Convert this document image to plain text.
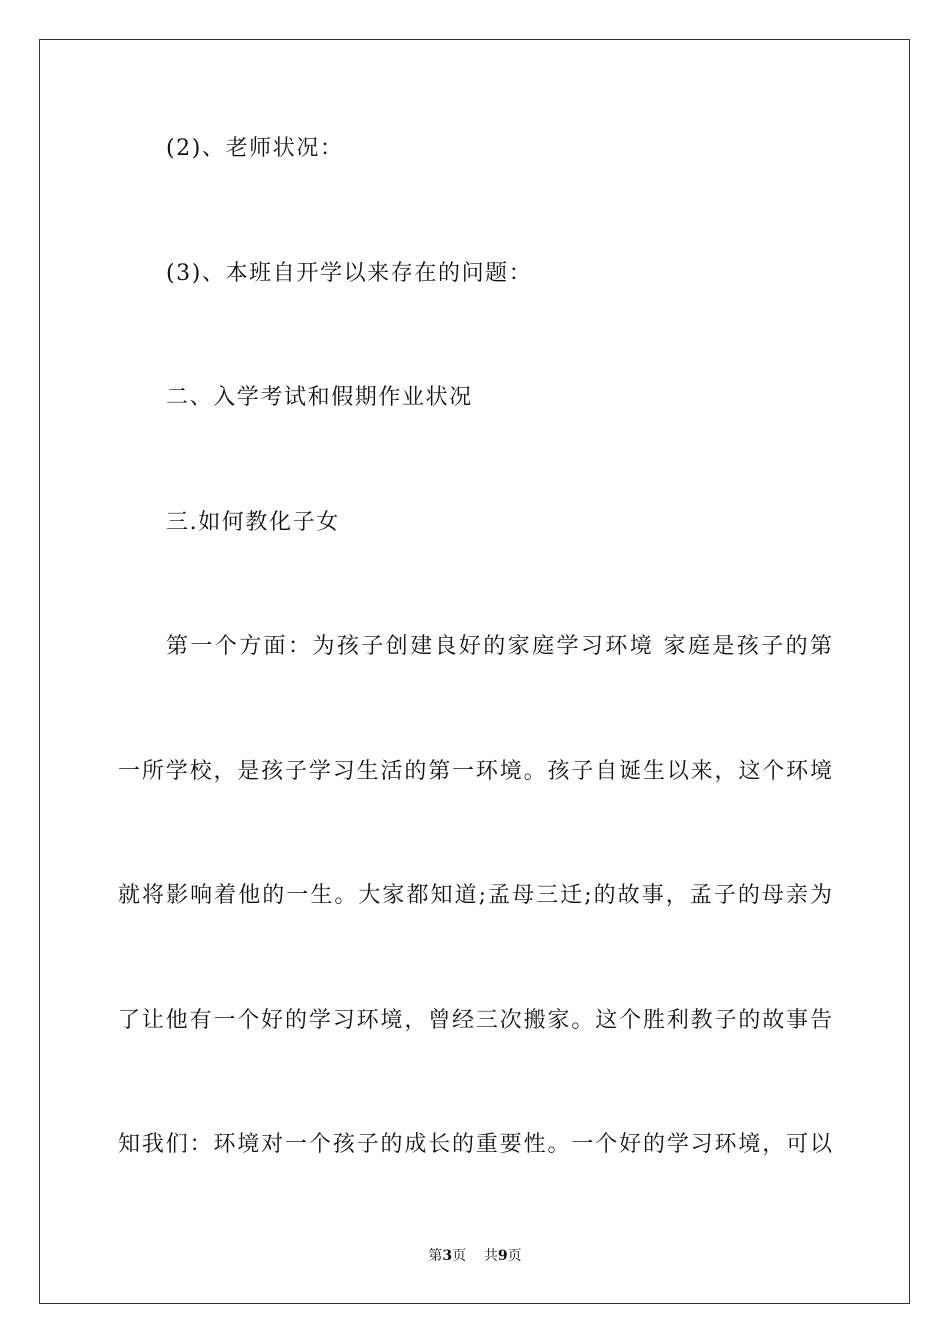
(2)、老师状况：
(3)、本班自开学以来存在的问题：
二、入学考试和假期作业状况
三.如何教化子女
第一个方面：为孩子创建良好的家庭学习环境 家庭是孩子的第
一所学校，是孩子学习生活的第一环境。孩子自诞生以来，这个环境
就将影响着他的一生。大家都知道;孟母三迁;的故事，孟子的母亲为
了让他有一个好的学习环境，曾经三次搬家。这个胜利教子的故事告
知我们：环境对一个孩子的成长的重要性。一个好的学习环境，可以
第3页 共9页
